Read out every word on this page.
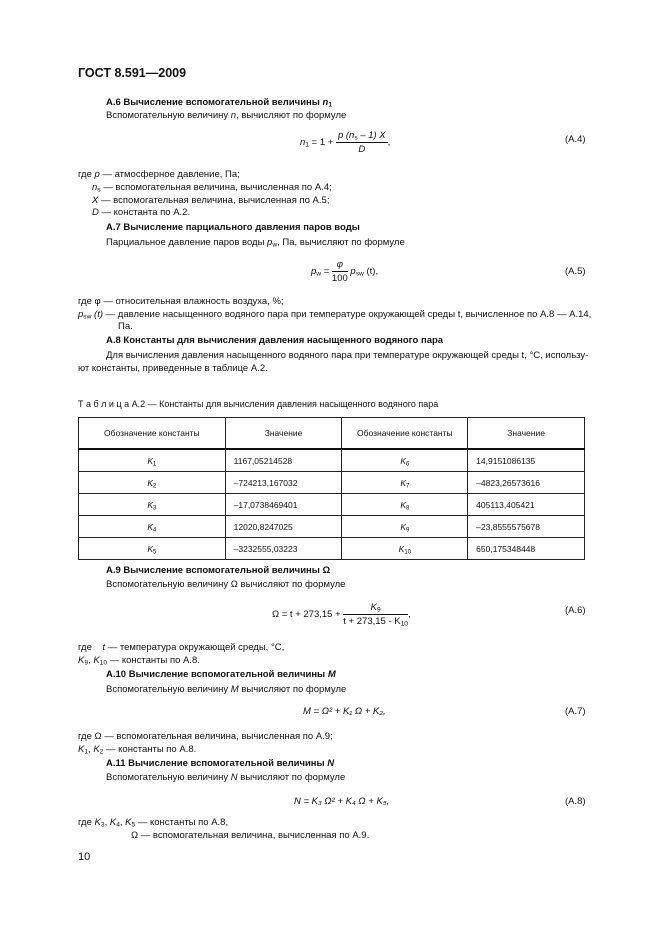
ГОСТ 8.591—2009
А.6 Вычисление вспомогательной величины $n_1$
Вспомогательную величину n, вычисляют по формуле
$n_1 = 1 + \frac{p (n_s - 1) X}{D}$ ,	(А.4)
где p — атмосферное давление, Па;
$n_s$ — вспомогательная величина, вычисленная по А.4;
X — вспомогательная величина, вычисленная по А.5;
D — константа по А.2.
А.7 Вычисление парциального давления паров воды
Парциальное давление паров воды $p_w$, Па, вычисляют по формуле
$p_w = \frac{\varphi}{100} p_{sw}$ (t),	(А.5)
где φ — относительная влажность воздуха, %;
$p_{sw}$ (t) — давление насыщенного водяного пара при температуре окружающей среды t, вычисленное по А.8 — А.14,
Па.
А.8 Константы для вычисления давления насыщенного водяного пара
Для вычисления давления насыщенного водяного пара при температуре окружающей среды t, °С, использу-
ют константы, приведенные в таблице А.2.
Т а б л и ц а А.2 — Константы для вычисления давления насыщенного водяного пара
Обозначение константы	Значение	Обозначение константы	Значение
$K_1$	1167,05214528	$K_6$	14,9151086135
$K_2$	–724213,167032	$K_7$	–4823,26573616
$K_3$	–17,0738469401	$K_8$	405113,405421
$K_4$	12020,8247025	$K_9$	–23,8555575678
$K_5$	–3232555,03223	$K_{10}$	650,175348448
А.9 Вычисление вспомогательной величины Ω
Вспомогательную величину Ω вычисляют по формуле
$\Omega = t + 273,15 + \frac{K_9}{t + 273,15 - K_{10}}$ ,	(А.6)
где t — температура окружающей среды, °С,
$K_9$, $K_{10}$ — константы по А.8.
А.10 Вычисление вспомогательной величины M
Вспомогательную величину M вычисляют по формуле
M = Ω² + K₁ Ω + K₂,	(А.7)
где Ω — вспомогательная величина, вычисленная по А.9;
$K_1$, $K_2$ — константы по А.8.
А.11 Вычисление вспомогательной величины N
Вспомогательную величину N вычисляют по формуле
N = K₃ Ω² + K₄ Ω + K₅,	(А.8)
где $K_3$, $K_4$, $K_5$ — константы по А.8,
Ω — вспомогательная величина, вычисленная по А.9.
10
